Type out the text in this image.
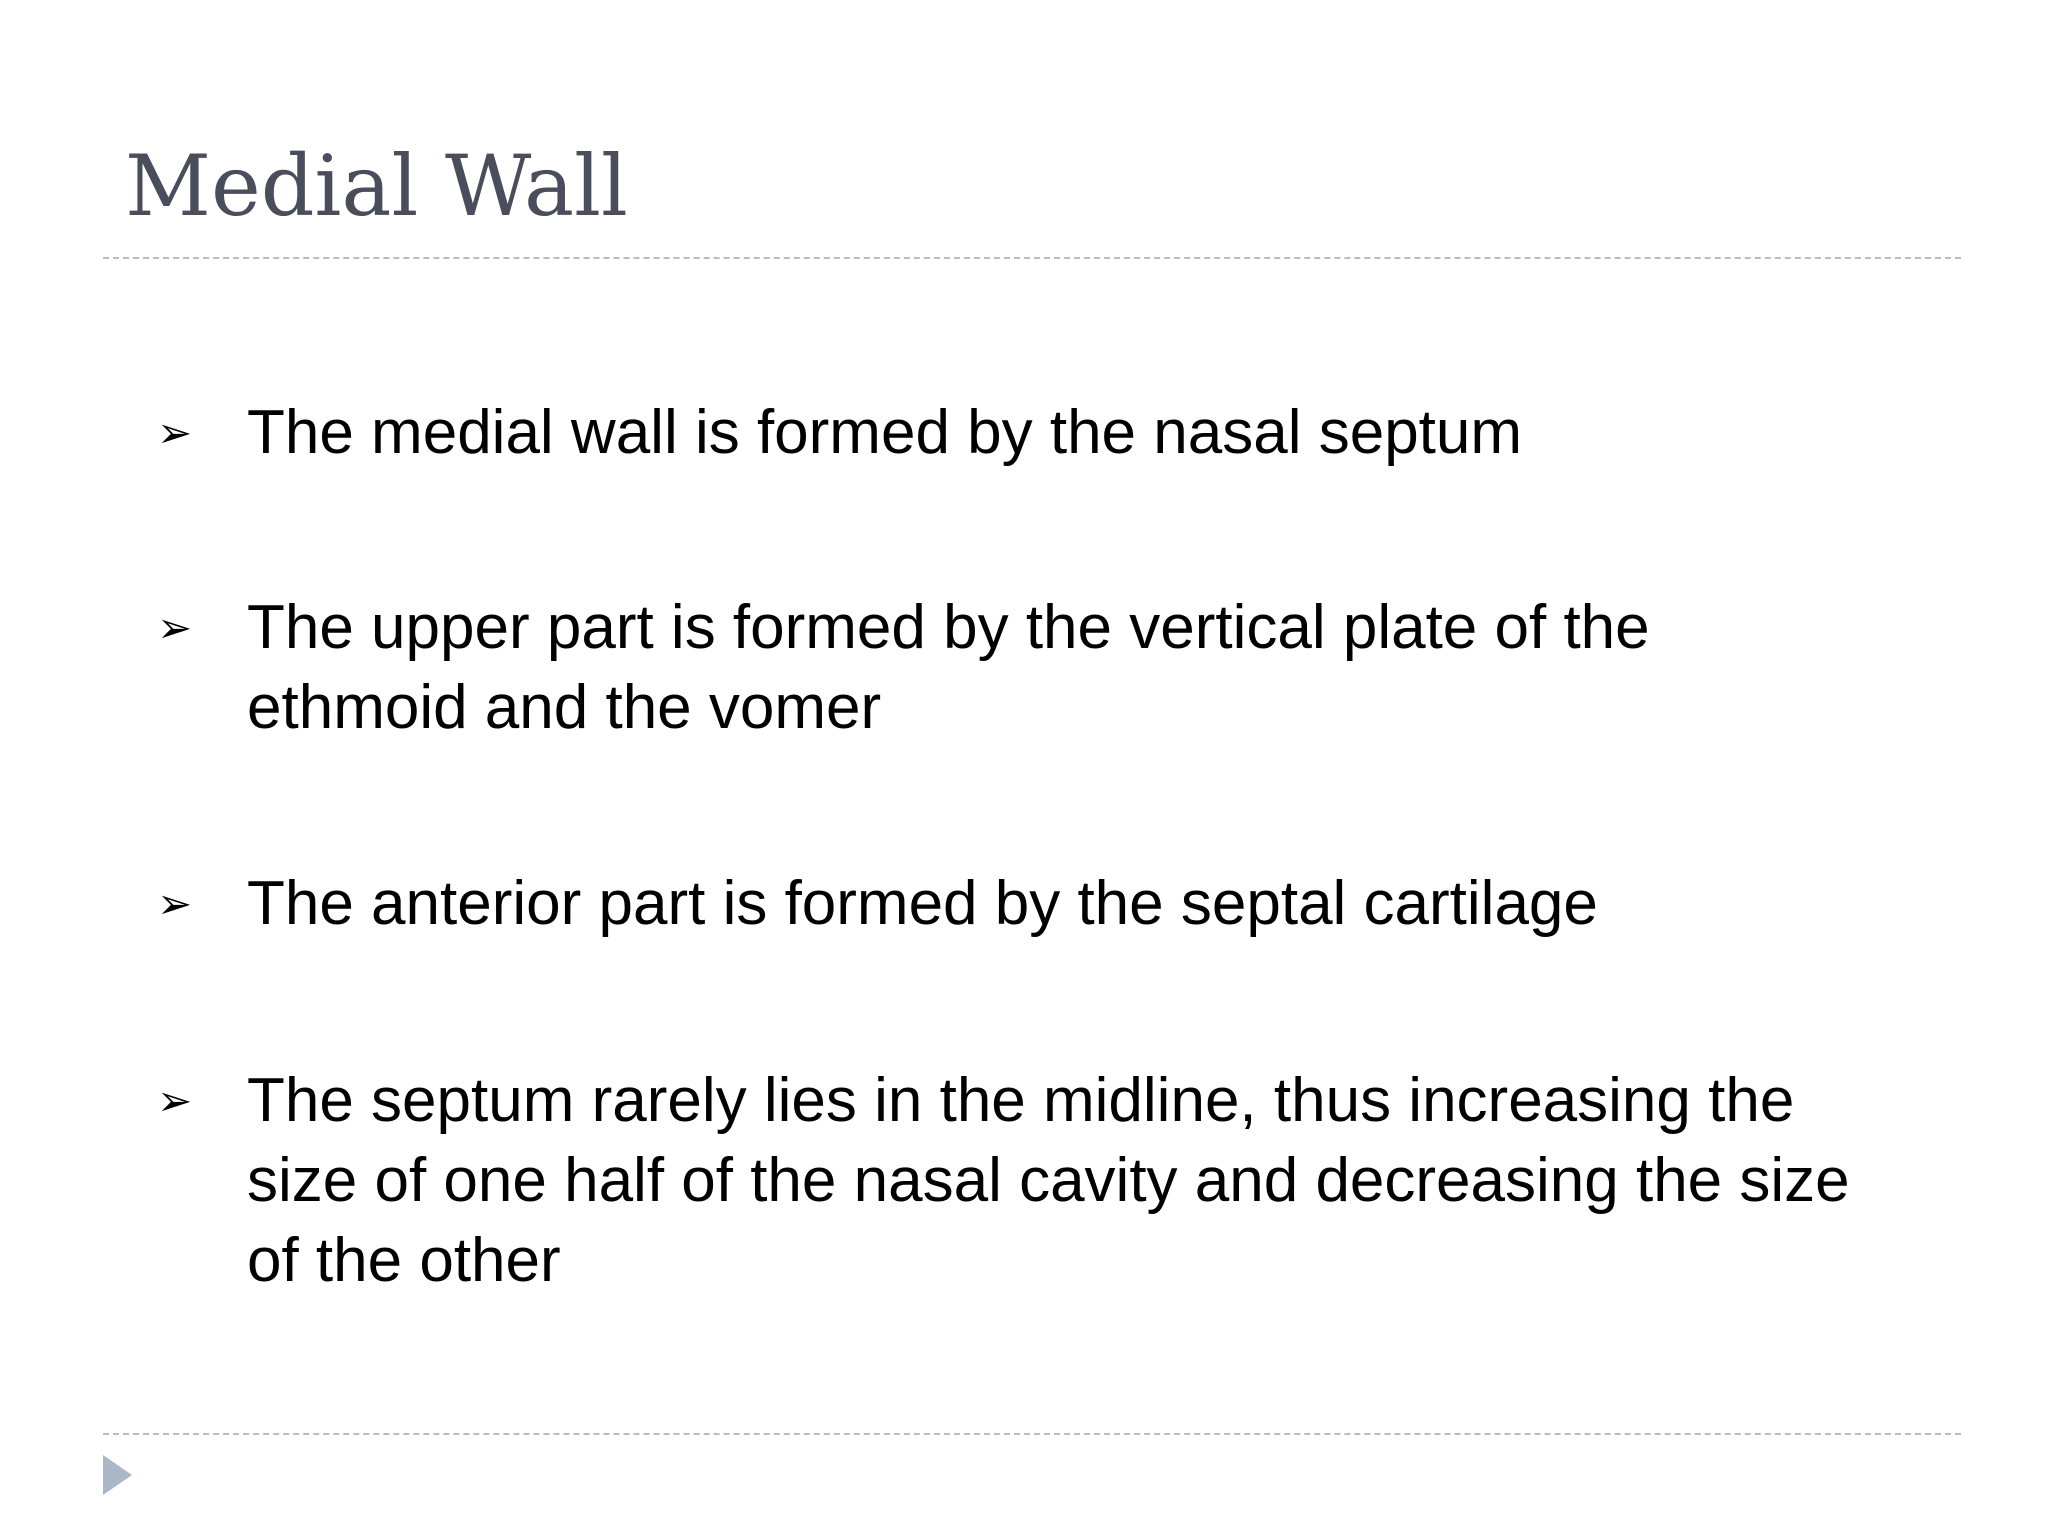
Medial Wall
➢ The medial wall is formed by the nasal septum
➢ The upper part is formed by the vertical plate of the ethmoid and the vomer
➢ The anterior part is formed by the septal cartilage
➢ The septum rarely lies in the midline, thus increasing the size of one half of the nasal cavity and decreasing the size of the other
